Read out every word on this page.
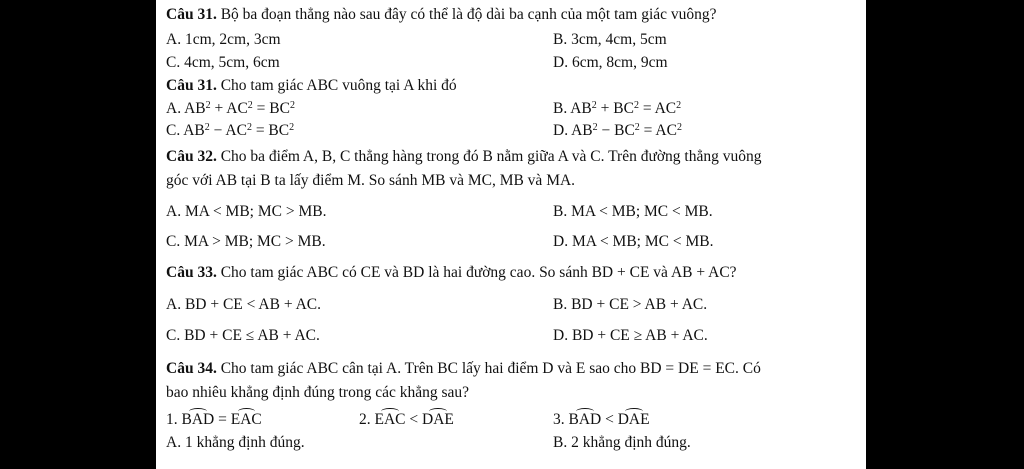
Câu 31. Bộ ba đoạn thẳng nào sau đây có thể là độ dài ba cạnh của một tam giác vuông?
A. 1cm, 2cm, 3cm	B. 3cm, 4cm, 5cm
C. 4cm, 5cm, 6cm	D. 6cm, 8cm, 9cm
Câu 31. Cho tam giác ABC vuông tại A khi đó
A. $AB^2 + AC^2 = BC^2$	B. $AB^2 + BC^2 = AC^2$
C. $AB^2 - AC^2 = BC^2$	D. $AB^2 - BC^2 = AC^2$
Câu 32. Cho ba điểm A, B, C thẳng hàng trong đó B nằm giữa A và C. Trên đường thẳng vuông
góc với AB tại B ta lấy điểm M. So sánh MB và MC, MB và MA.
A. MA < MB; MC > MB.	B. MA < MB; MC < MB.
C. MA > MB; MC > MB.	D. MA < MB; MC < MB.
Câu 33. Cho tam giác ABC có CE và BD là hai đường cao. So sánh BD + CE và AB + AC?
A. BD + CE < AB + AC.	B. BD + CE > AB + AC.
C. BD + CE ≤ AB + AC.	D. BD + CE ≥ AB + AC.
Câu 34. Cho tam giác ABC cân tại A. Trên BC lấy hai điểm D và E sao cho BD = DE = EC. Có
bao nhiêu khẳng định đúng trong các khẳng sau?
1. BAD = EAC	2. EAC < DAE	3. BAD < DAE
A. 1 khẳng định đúng.	B. 2 khẳng định đúng.
